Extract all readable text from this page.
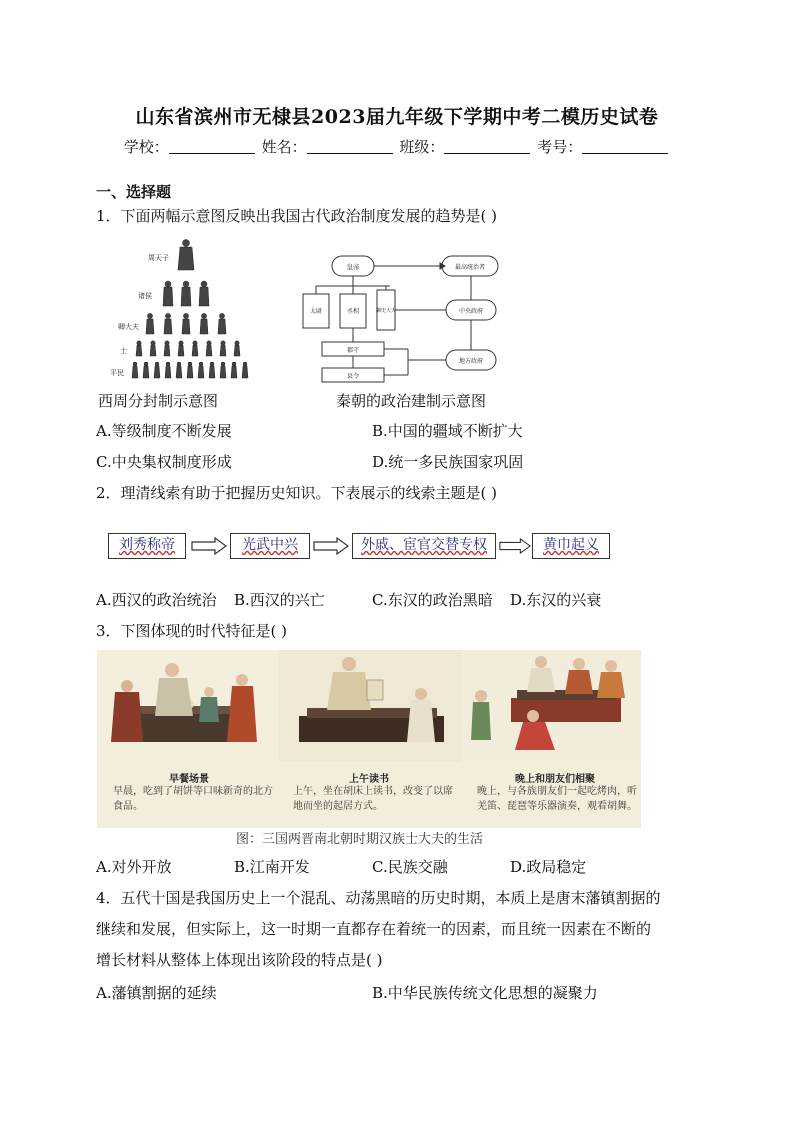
山东省滨州市无棣县2023届九年级下学期中考二模历史试卷
学校：	姓名：	班级：	考号：
一、选择题
1．下面两幅示意图反映出我国古代政治制度发展的趋势是( )
周天子
诸侯
卿大夫
士
平民
皇帝	最高统治者
太尉	丞相	御史大夫	中央政府
郡守
地方政府
县令
西周分封制示意图	秦朝的政治建制示意图
A.等级制度不断发展	B.中国的疆域不断扩大
C.中央集权制度形成	D.统一多民族国家巩固
2．理清线索有助于把握历史知识。下表展示的线索主题是( )
刘秀称帝	光武中兴	外戚、宦官交替专权	黄巾起义
A.西汉的政治统治 B.西汉的兴亡	C.东汉的政治黑暗 D.东汉的兴衰
3．下图体现的时代特征是( )
早餐场景
早晨，吃到了胡饼等口味新奇的北方食品。
上午读书
上午，坐在胡床上读书，改变了以席地而坐的起居方式。
晚上和朋友们相聚
晚上，与各族朋友们一起吃烤肉，听羌笛、琵琶等乐器演奏，观看胡舞。
图：三国两晋南北朝时期汉族士大夫的生活
A.对外开放	B.江南开发	C.民族交融	D.政局稳定
4．五代十国是我国历史上一个混乱、动荡黑暗的历史时期，本质上是唐末藩镇割据的
继续和发展，但实际上，这一时期一直都存在着统一的因素，而且统一因素在不断的
增长材料从整体上体现出该阶段的特点是( )
A.藩镇割据的延续	B.中华民族传统文化思想的凝聚力
